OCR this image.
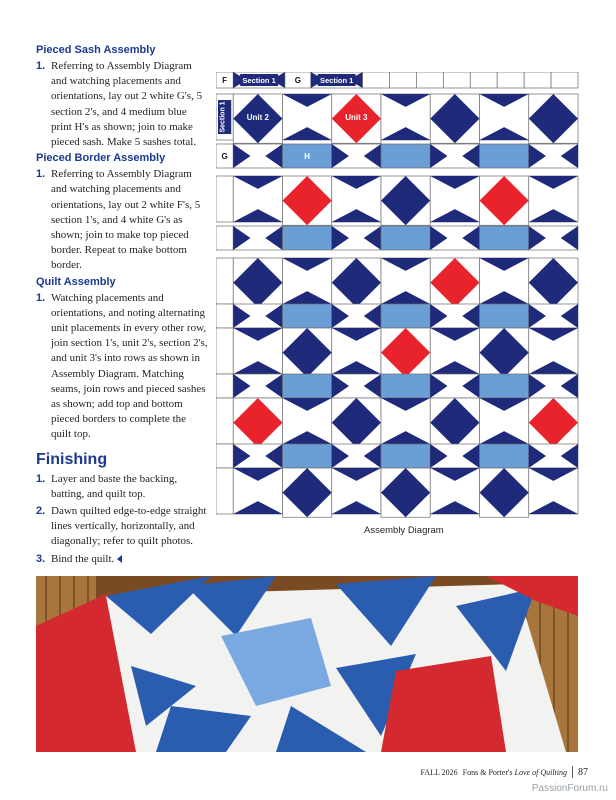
Pieced Sash Assembly
1. Referring to Assembly Diagram and watching placements and orientations, lay out 2 white G's, 5 section 2's, and 4 medium blue print H's as shown; join to make pieced sash. Make 5 sashes total.
Pieced Border Assembly
1. Referring to Assembly Diagram and watching placements and orientations, lay out 2 white F's, 5 section 1's, and 4 white G's as shown; join to make top pieced border. Repeat to make bottom border.
Quilt Assembly
1. Watching placements and orientations, and noting alternating unit placements in every other row, join section 1's, unit 2's, section 2's, and unit 3's into rows as shown in Assembly Diagram. Matching seams, join rows and pieced sashes as shown; add top and bottom pieced borders to complete the quilt top.
Finishing
1. Layer and baste the backing, batting, and quilt top.
2. Dawn quilted edge-to-edge straight lines vertically, horizontally, and diagonally; refer to quilt photos.
3. Bind the quilt.
F Section 1 G	Section 1
Section 1	Unit 2	Sect. 2	Unit 3
G	H
Assembly Diagram
FALL 2026 Fons & Porter's Love of Quilting 87
PassionForum.ru
